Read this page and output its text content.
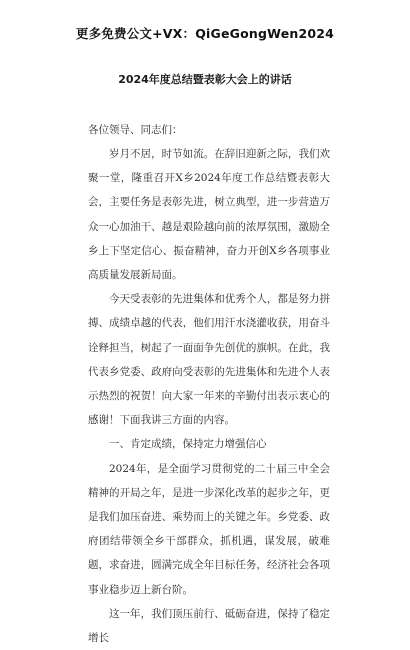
更多免费公文+VX：QiGeGongWen2024
2024年度总结暨表彰大会上的讲话
各位领导、同志们：

岁月不居，时节如流。在辞旧迎新之际，我们欢聚一堂，隆重召开X乡2024年度工作总结暨表彰大会，主要任务是表彰先进，树立典型，进一步营造万众一心加油干、越是艰险越向前的浓厚氛围，激励全乡上下坚定信心、振奋精神，奋力开创X乡各项事业高质量发展新局面。

今天受表彰的先进集体和优秀个人，都是努力拼搏、成绩卓越的代表，他们用汗水浇灌收获，用奋斗诠释担当，树起了一面面争先创优的旗帜。在此，我代表乡党委、政府向受表彰的先进集体和先进个人表示热烈的祝贺！向大家一年来的辛勤付出表示衷心的感谢！下面我讲三方面的内容。

一、肯定成绩，保持定力增强信心

2024年，是全面学习贯彻党的二十届三中全会精神的开局之年，是进一步深化改革的起步之年，更是我们加压奋进、乘势而上的关键之年。乡党委、政府团结带领全乡干部群众，抓机遇，谋发展，破难题，求奋进，圆满完成全年目标任务，经济社会各项事业稳步迈上新台阶。

这一年，我们顶压前行、砥砺奋进，保持了稳定增长
